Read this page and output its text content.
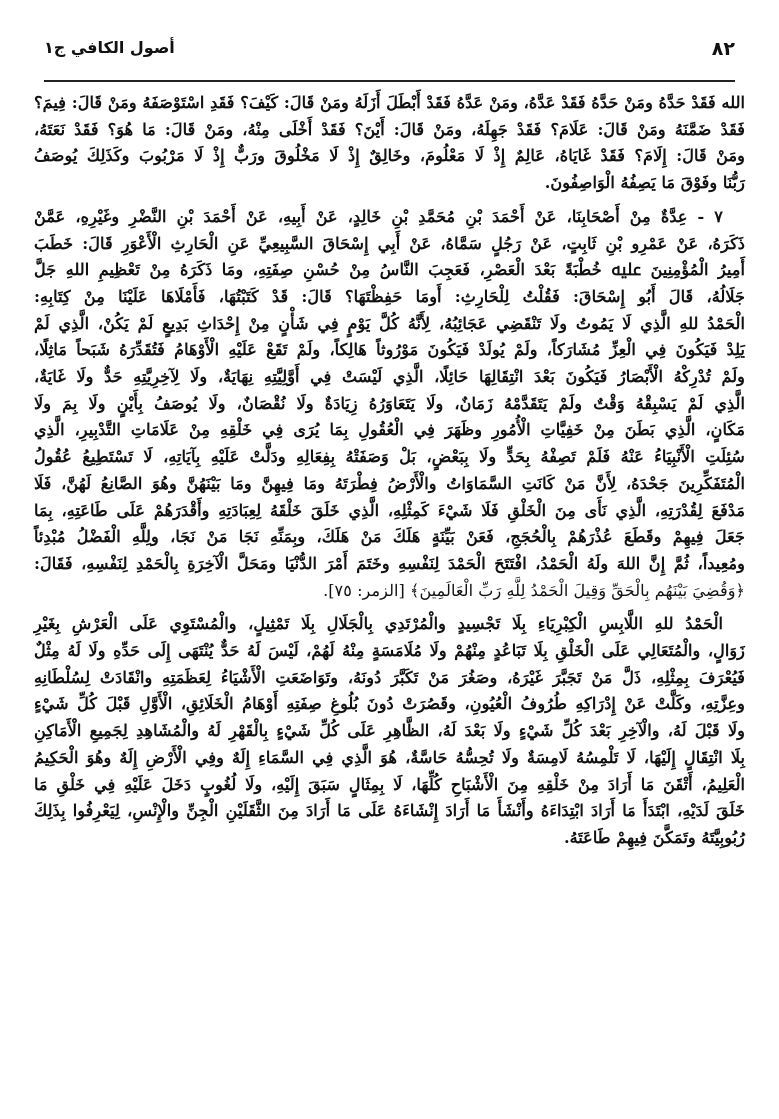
٨٢
أصول الكافي ج١
الله فَقَدْ حَدَّهُ ومَنْ حَدَّهُ فَقَدْ عَدَّهُ، ومَنْ عَدَّهُ فَقَدْ أَبْطَلَ أَزَلَهُ ومَنْ قَالَ: كَيْفَ؟ فَقَدِ اسْتَوْصَفَهُ ومَنْ قَالَ: فِيمَ؟
فَقَدْ ضَمَّنَهُ ومَنْ قَالَ: عَلَامَ؟ فَقَدْ جَهِلَهُ، ومَنْ قَالَ: أَيْنَ؟ فَقَدْ أَخْلَى مِنْهُ، ومَنْ قَالَ: مَا هُوَ؟ فَقَدْ نَعَتَهُ،
ومَنْ قَالَ: إِلَامَ؟ فَقَدْ غَايَاهُ، عَالِمٌ إِذْ لَا مَعْلُومَ، وخَالِقٌ إِذْ لَا مَخْلُوقَ ورَبٌّ إِذْ لَا مَرْبُوبَ وكَذَلِكَ يُوصَفُ
رَبُّنَا وفَوْقَ مَا يَصِفُهُ الْوَاصِفُونَ.
٧ - عِدَّةٌ مِنْ أَصْحَابِنَا، عَنْ أَحْمَدَ بْنِ مُحَمَّدِ بْنِ خَالِدٍ، عَنْ أَبِيهِ، عَنْ أَحْمَدَ بْنِ النَّضْرِ وغَيْرِهِ، عَمَّنْ
ذَكَرَهُ، عَنْ عَمْرِو بْنِ ثَابِتٍ، عَنْ رَجُلٍ سَمَّاهُ، عَنْ أَبِي إِسْحَاقَ السَّبِيعِيِّ عَنِ الْحَارِثِ الْأَعْوَرِ قَالَ: خَطَبَ
أَمِيرُ الْمُؤْمِنِينَ ﷷ خُطْبَةً بَعْدَ الْعَصْرِ، فَعَجِبَ النَّاسُ مِنْ حُسْنِ صِفَتِهِ، ومَا ذَكَرَهُ مِنْ تَعْظِيمِ اللهِ جَلَّ
جَلَالُهُ، قَالَ أَبُو إِسْحَاقَ: فَقُلْتُ لِلْحَارِثِ: أَومَا حَفِظْتَهَا؟ قَالَ: قَدْ كَتَبْتُهَا، فَأَمْلَاهَا عَلَيْنَا مِنْ كِتَابِهِ:
الْحَمْدُ للهِ الَّذِي لَا يَمُوتُ ولَا تَنْقَضِي عَجَائِبُهُ، لِأَنَّهُ كُلَّ يَوْمٍ فِي شَأْنٍ مِنْ إِحْدَاثِ بَدِيعٍ لَمْ يَكُنْ، الَّذِي لَمْ
يَلِدْ فَيَكُونَ فِي الْعِزِّ مُشَارَكاً، ولَمْ يُولَدْ فَيَكُونَ مَوْرُوثاً هَالِكاً، ولَمْ تَقَعْ عَلَيْهِ الْأَوْهَامُ فَتُقَدِّرَهُ شَبَحاً مَاثِلًا،
ولَمْ تُدْرِكْهُ الْأَبْصَارُ فَيَكُونَ بَعْدَ انْتِقَالِهَا حَائِلًا، الَّذِي لَيْسَتْ فِي أَوَّلِيَّتِهِ نِهَايَةٌ، ولَا لِآخِرِيَّتِهِ حَدٌّ ولَا غَايَةٌ،
الَّذِي لَمْ يَسْبِقْهُ وَقْتٌ ولَمْ يَتَقَدَّمْهُ زَمَانٌ، ولَا يَتَعَاوَرُهُ زِيَادَةٌ ولَا نُقْصَانٌ، ولَا يُوصَفُ بِأَيْنٍ ولَا بِمَ ولَا
مَكَانٍ، الَّذِي بَطَنَ مِنْ خَفِيَّاتِ الْأُمُورِ وظَهَرَ فِي الْعُقُولِ بِمَا يُرَى فِي خَلْقِهِ مِنْ عَلَامَاتِ التَّدْبِيرِ، الَّذِي
سُئِلَتِ الْأَنْبِيَاءُ عَنْهُ فَلَمْ تَصِفْهُ بِحَدٍّ ولَا بِبَعْضٍ، بَلْ وَصَفَتْهُ بِفِعَالِهِ ودَلَّتْ عَلَيْهِ بِآيَاتِهِ، لَا تَسْتَطِيعُ عُقُولُ
الْمُتَفَكِّرِينَ جَحْدَهُ، لِأَنَّ مَنْ كَانَتِ السَّمَاوَاتُ والْأَرْضُ فِطْرَتَهُ ومَا فِيهِنَّ ومَا بَيْنَهُنَّ وهُوَ الصَّانِعُ لَهُنَّ، فَلَا
مَدْفَعَ لِقُدْرَتِهِ، الَّذِي نَأَى مِنَ الْخَلْقِ فَلَا شَيْءَ كَمِثْلِهِ، الَّذِي خَلَقَ خَلْقَهُ لِعِبَادَتِهِ وأَقْدَرَهُمْ عَلَى طَاعَتِهِ، بِمَا
جَعَلَ فِيهِمْ وقَطَعَ عُذْرَهُمْ بِالْحُجَجِ، فَعَنْ بَيِّنَةٍ هَلَكَ مَنْ هَلَكَ، وبِمَنِّهِ نَجَا مَنْ نَجَا، ولِلَّهِ الْفَضْلُ مُبْدِئاً
ومُعِيداً، ثُمَّ إِنَّ اللهَ ولَهُ الْحَمْدُ، افْتَتَحَ الْحَمْدَ لِنَفْسِهِ وخَتَمَ أَمْرَ الدُّنْيَا ومَحَلَّ الْآخِرَةِ بِالْحَمْدِ لِنَفْسِهِ، فَقَالَ:
﴿وَقُضِيَ بَيْنَهُم بِالْحَقِّ وَقِيلَ الْحَمْدُ لِلَّهِ رَبِّ الْعَالَمِينَ﴾ [الزمر: ٧٥].
الْحَمْدُ للهِ اللَّابِسِ الْكِبْرِيَاءِ بِلَا تَجْسِيدٍ والْمُرْتَدِي بِالْجَلَالِ بِلَا تَمْثِيلٍ، والْمُسْتَوِي عَلَى الْعَرْشِ بِغَيْرِ
زَوَالٍ، والْمُتَعَالِي عَلَى الْخَلْقِ بِلَا تَبَاعُدٍ مِنْهُمْ ولَا مُلَامَسَةٍ مِنْهُ لَهُمْ، لَيْسَ لَهُ حَدٌّ يُنْتَهَى إِلَى حَدِّهِ ولَا لَهُ مِثْلٌ
فَيُعْرَفَ بِمِثْلِهِ، ذَلَّ مَنْ تَجَبَّرَ غَيْرَهُ، وصَغُرَ مَنْ تَكَبَّرَ دُونَهُ، وتَوَاضَعَتِ الْأَشْيَاءُ لِعَظَمَتِهِ وانْقَادَتْ لِسُلْطَانِهِ
وعِزَّتِهِ، وكَلَّتْ عَنْ إِدْرَاكِهِ طُرُوفُ الْعُيُونِ، وقَصُرَتْ دُونَ بُلُوغِ صِفَتِهِ أَوْهَامُ الْخَلَائِقِ، الْأَوَّلِ قَبْلَ كُلِّ شَيْءٍ
ولَا قَبْلَ لَهُ، والْآخِرِ بَعْدَ كُلِّ شَيْءٍ ولَا بَعْدَ لَهُ، الظَّاهِرِ عَلَى كُلِّ شَيْءٍ بِالْقَهْرِ لَهُ والْمُشَاهِدِ لِجَمِيعِ الْأَمَاكِنِ
بِلَا انْتِقَالٍ إِلَيْهَا، لَا تَلْمِسُهُ لَامِسَةٌ ولَا تُحِسُّهُ حَاسَّةٌ، هُوَ الَّذِي فِي السَّمَاءِ إِلَهٌ وفِي الْأَرْضِ إِلَهٌ وهُوَ الْحَكِيمُ
الْعَلِيمُ، أَتْقَنَ مَا أَرَادَ مِنْ خَلْقِهِ مِنَ الْأَشْبَاحِ كُلِّهَا، لَا بِمِثَالٍ سَبَقَ إِلَيْهِ، ولَا لُغُوبٍ دَخَلَ عَلَيْهِ فِي خَلْقِ مَا
خَلَقَ لَدَيْهِ، ابْتَدَأَ مَا أَرَادَ ابْتِدَاءَهُ وأَنْشَأَ مَا أَرَادَ إِنْشَاءَهُ عَلَى مَا أَرَادَ مِنَ الثَّقَلَيْنِ الْجِنِّ والْإِنْسِ، لِيَعْرِفُوا بِذَلِكَ
رُبُوبِيَّتَهُ وتَمَكَّنَ فِيهِمْ طَاعَتَهُ.
